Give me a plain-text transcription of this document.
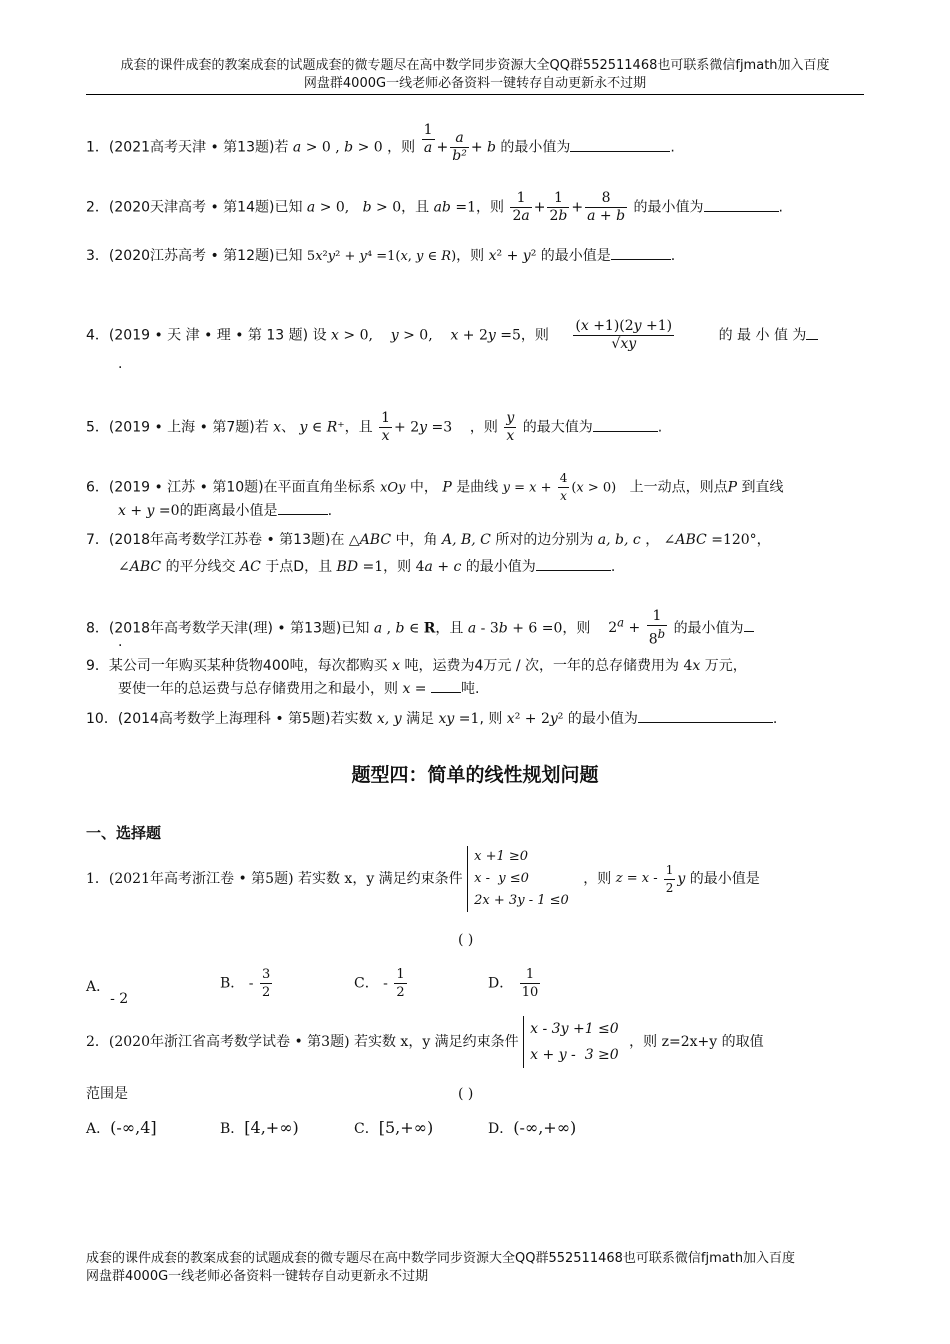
成套的课件成套的教案成套的试题成套的微专题尽在高中数学同步资源大全QQ群552511468也可联系微信fjmath加入百度
网盘群4000G一线老师必备资料一键转存自动更新永不过期
1．(2021高考天津 • 第13题)若 a > 0 , b > 0 ，则 $\frac{1}{a} + \frac{a}{\text{b²}} + b$ 的最小值为	.
2．(2020天津高考 • 第14题)已知 a > 0,   b > 0，且 ab =1，则 $\frac{1}{2a} + \frac{1}{2b} + \frac{8}{a + b}$ 的最小值为	.
3．(2020江苏高考 • 第12题)已知 5x²y² + y⁴ =1(x, y ∈ R)，则 x² + y² 的最小值是	.
4．(2019 • 天 津 • 理 • 第 13 题) 设 x > 0,    y > 0,    x + 2y =5，则 $\frac{(x +1)(2y +1)}{√xy}$	的 最 小 值 为
.
5．(2019 • 上海 • 第7题)若 x、 y ∈ R⁺，且 $\frac{1}{x} + 2y =3$    ，则 $\frac{y}{x}$ 的最大值为	.
6．(2019 • 江苏 • 第10题)在平面直角坐标系 xOy 中， P 是曲线 $y = x + \frac{4}{x} (x > 0)$ 上一动点，则点P 到直线
x + y =0的距离最小值是	.
7．(2018年高考数学江苏卷 • 第13题)在 △ABC 中，角 A, B, C 所对的边分别为 a, b, c ， ∠ABC =120°，
∠ABC 的平分线交 AC 于点D，且 BD =1，则 4a + c 的最小值为	.
8．(2018年高考数学天津(理) • 第13题)已知 a , b ∈ R，且 a - 3b + 6 =0，则 $2^a + \frac{1}{8^b}$ 的最小值为
.
9．某公司一年购买某种货物400吨，每次都购买 x 吨，运费为4万元 / 次，一年的总存储费用为 4x 万元，
要使一年的总运费与总存储费用之和最小，则 x = 吨.
10．(2014高考数学上海理科 • 第5题)若实数 x, y 满足 xy =1, 则 x² + 2y² 的最小值为	.
题型四：简单的线性规划问题
一、选择题
1．(2021年高考浙江卷 • 第5题) 若实数 x，y 满足约束条件
x +1 ≥0
x -  y ≤0
2x + 3y - 1 ≤0
，则 $z = x - \frac{1}{2}$ y 的最小值是
( )
A．- 2
B． - $\frac{3}{2}$	C． - $\frac{1}{2}$	D． $\frac{1}{10}$
2．(2020年浙江省高考数学试卷 • 第3题) 若实数 x，y 满足约束条件
x - 3y +1 ≤0
x + y -  3 ≥0
，则 z=2x+y 的取值
范围是	( )
A．(-∞,4]	B．[4,+∞)	C．[5,+∞)	D．(-∞,+∞)
成套的课件成套的教案成套的试题成套的微专题尽在高中数学同步资源大全QQ群552511468也可联系微信fjmath加入百度
网盘群4000G一线老师必备资料一键转存自动更新永不过期
